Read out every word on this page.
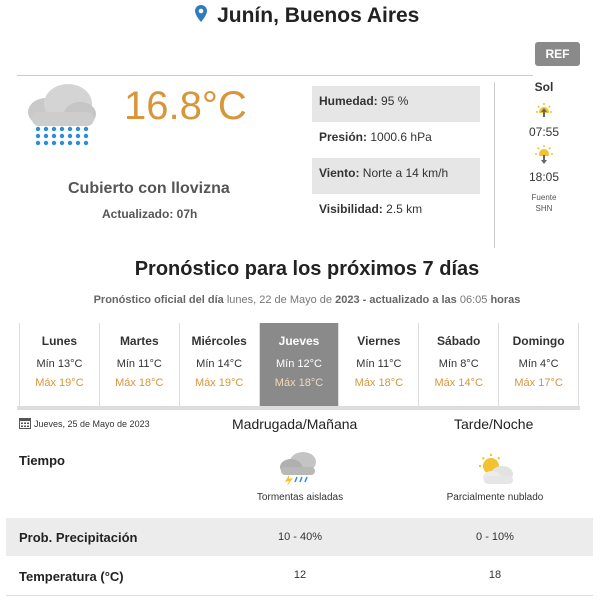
Junín, Buenos Aires
REF
16.8°C
Cubierto con llovizna
Actualizado: 07h
Humedad: 95 %
Presión: 1000.6 hPa
Viento: Norte a 14 km/h
Visibilidad: 2.5 km
Sol
07:55
18:05
Fuente
SHN
Pronóstico para los próximos 7 días
Pronóstico oficial del día lunes, 22 de Mayo de 2023 - actualizado a las 06:05 horas
Lunes
Mín 13°C
Máx 19°C
Martes
Mín 11°C
Máx 18°C
Miércoles
Mín 14°C
Máx 19°C
Jueves
Mín 12°C
Máx 18°C
Viernes
Mín 11°C
Máx 18°C
Sábado
Mín 8°C
Máx 14°C
Domingo
Mín 4°C
Máx 17°C
Jueves, 25 de Mayo de 2023	Madrugada/Mañana	Tarde/Noche
Tiempo
Tormentas aisladas	Parcialmente nublado
Prob. Precipitación	10 - 40%	0 - 10%
Temperatura (°C)	12	18
